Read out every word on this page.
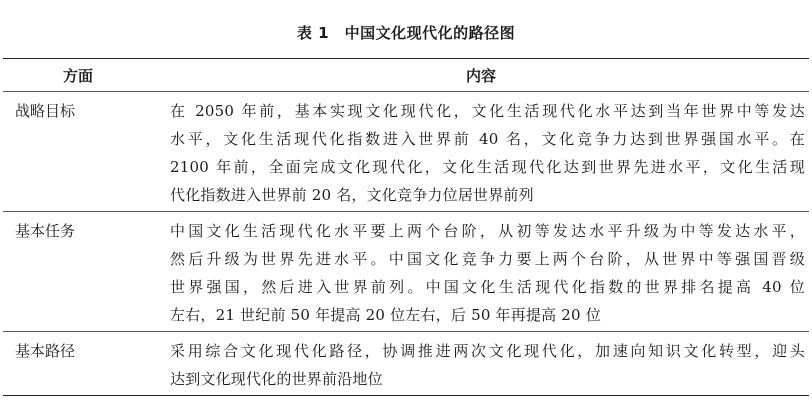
表 1　中国文化现代化的路径图
方面	内容
战略目标	在 2050 年前，基本实现文化现代化，文化生活现代化水平达到当年世界中等发达
水平，文化生活现代化指数进入世界前 40 名，文化竞争力达到世界强国水平。在
2100 年前，全面完成文化现代化，文化生活现代化达到世界先进水平，文化生活现
代化指数进入世界前 20 名，文化竞争力位居世界前列
基本任务	中国文化生活现代化水平要上两个台阶，从初等发达水平升级为中等发达水平，
然后升级为世界先进水平。中国文化竞争力要上两个台阶，从世界中等强国晋级
世界强国，然后进入世界前列。中国文化生活现代化指数的世界排名提高 40 位
左右，21 世纪前 50 年提高 20 位左右，后 50 年再提高 20 位
基本路径	采用综合文化现代化路径，协调推进两次文化现代化，加速向知识文化转型，迎头
达到文化现代化的世界前沿地位
